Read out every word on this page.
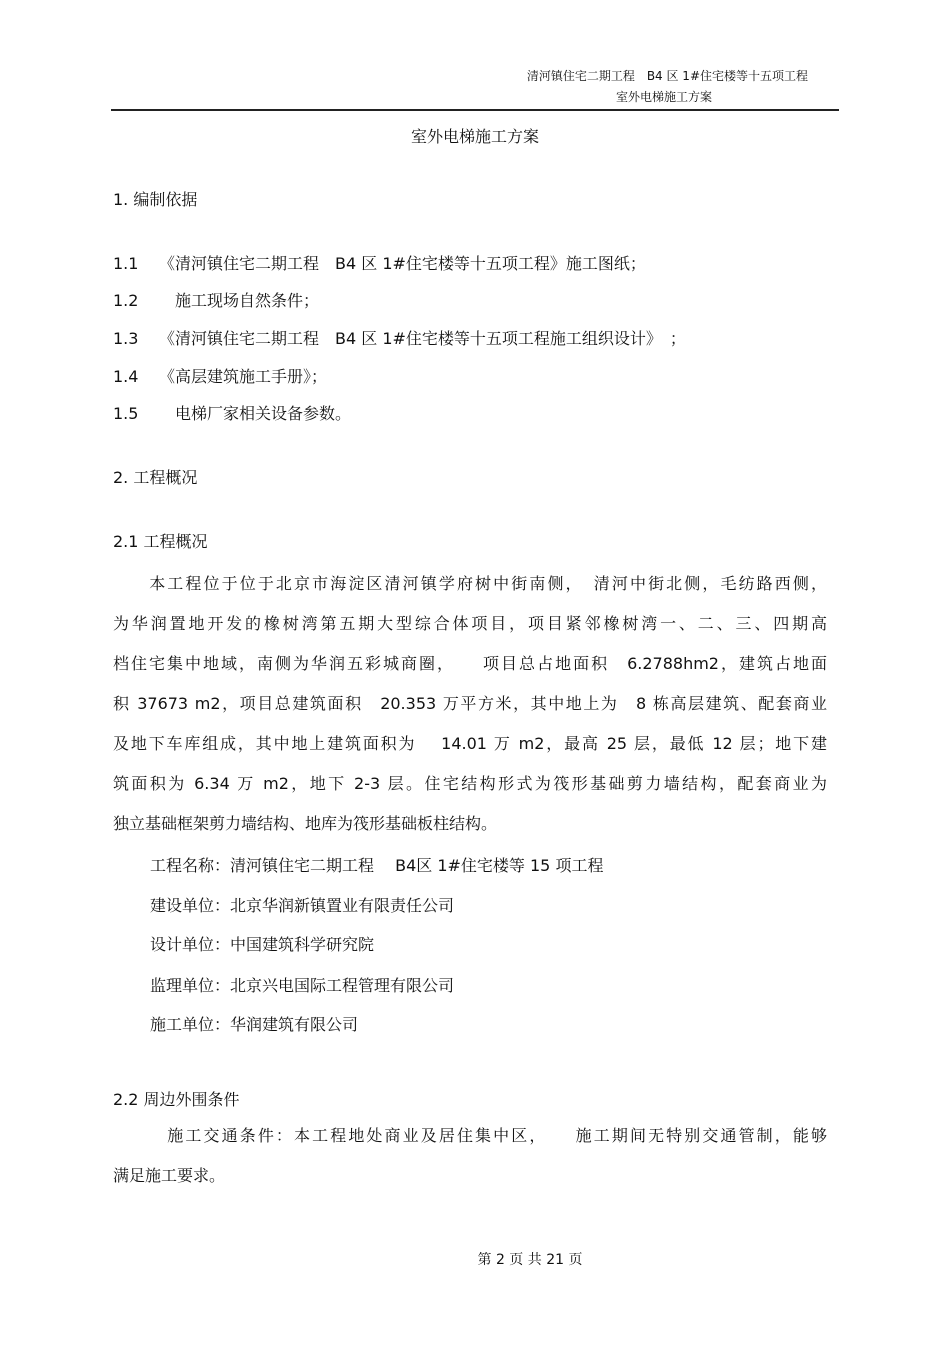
清河镇住宅二期工程　B4 区 1#住宅楼等十五项工程
室外电梯施工方案
室外电梯施工方案
1. 编制依据
1.1 《清河镇住宅二期工程　B4 区 1#住宅楼等十五项工程》施工图纸；
1.2　施工现场自然条件；
1.3 《清河镇住宅二期工程　B4 区 1#住宅楼等十五项工程施工组织设计》　；
1.4 《高层建筑施工手册》；
1.5　电梯厂家相关设备参数。
2. 工程概况
2.1 工程概况
　　本工程位于位于北京市海淀区清河镇学府树中街南侧，　清河中街北侧，毛纺路西侧，
为华润置地开发的橡树湾第五期大型综合体项目，项目紧邻橡树湾一、二、三、四期高
档住宅集中地域，南侧为华润五彩城商圈，　　项目总占地面积　6.2788hm2，建筑占地面
积 37673 m2，项目总建筑面积　20.353 万平方米，其中地上为　8 栋高层建筑、配套商业
及地下车库组成，其中地上建筑面积为　 14.01 万 m2，最高 25 层，最低 12 层；地下建
筑面积为 6.34 万 m2，地下 2-3 层。住宅结构形式为筏形基础剪力墙结构，配套商业为
独立基础框架剪力墙结构、地库为筏形基础板柱结构。
工程名称：清河镇住宅二期工程　 B4区 1#住宅楼等 15 项工程
建设单位：北京华润新镇置业有限责任公司
设计单位：中国建筑科学研究院
监理单位：北京兴电国际工程管理有限公司
施工单位：华润建筑有限公司
2.2 周边外围条件
　　　施工交通条件：本工程地处商业及居住集中区，　　施工期间无特别交通管制，能够
满足施工要求。
第 2 页 共 21 页
